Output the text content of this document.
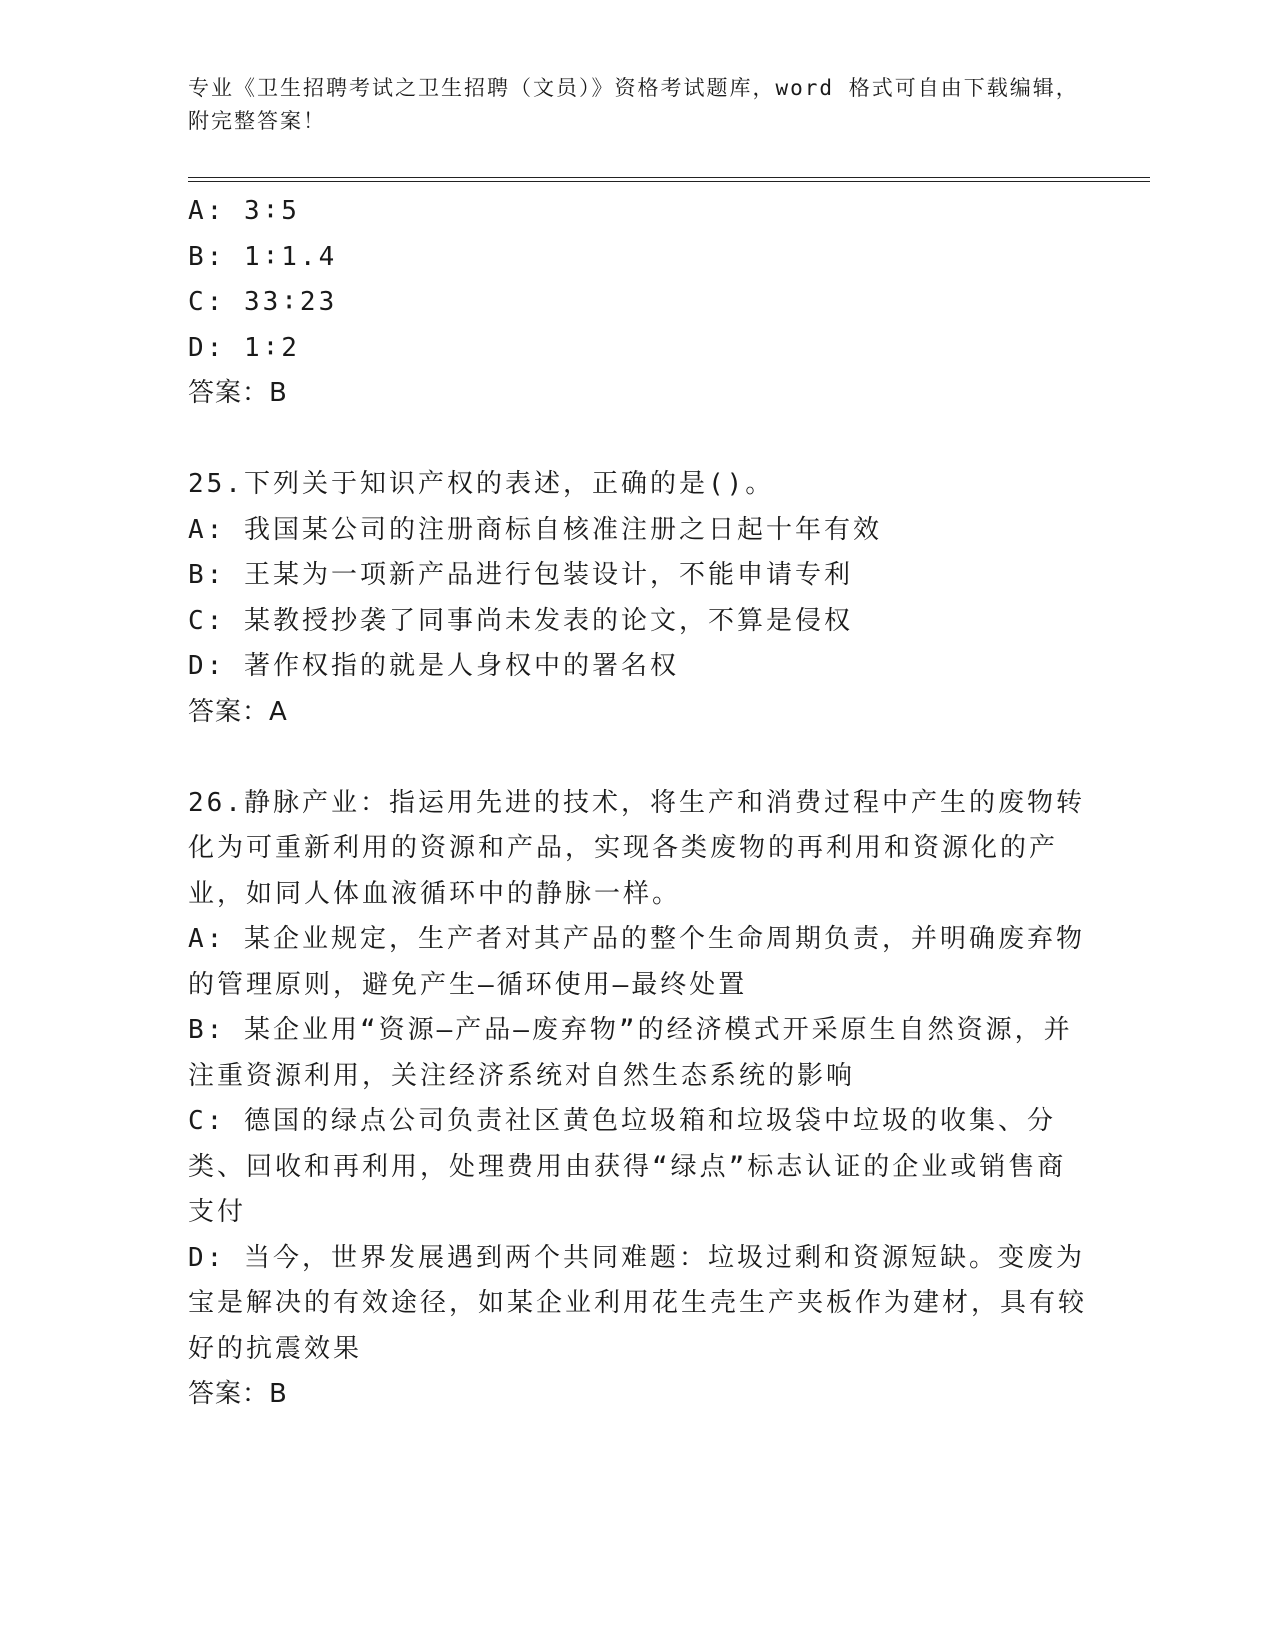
专业《卫生招聘考试之卫生招聘（文员）》资格考试题库，word 格式可自由下载编辑，附完整答案！
A: 3∶5
B: 1∶1.4
C: 33∶23
D: 1∶2
答案：B
25.下列关于知识产权的表述，正确的是()。
A: 我国某公司的注册商标自核准注册之日起十年有效
B: 王某为一项新产品进行包装设计，不能申请专利
C: 某教授抄袭了同事尚未发表的论文，不算是侵权
D: 著作权指的就是人身权中的署名权
答案：A
26.静脉产业：指运用先进的技术，将生产和消费过程中产生的废物转化为可重新利用的资源和产品，实现各类废物的再利用和资源化的产业，如同人体血液循环中的静脉一样。
A: 某企业规定，生产者对其产品的整个生命周期负责，并明确废弃物的管理原则，避免产生—循环使用—最终处置
B: 某企业用“资源—产品—废弃物”的经济模式开采原生自然资源，并注重资源利用，关注经济系统对自然生态系统的影响
C: 德国的绿点公司负责社区黄色垃圾箱和垃圾袋中垃圾的收集、分类、回收和再利用，处理费用由获得“绿点”标志认证的企业或销售商支付
D: 当今，世界发展遇到两个共同难题：垃圾过剩和资源短缺。变废为宝是解决的有效途径，如某企业利用花生壳生产夹板作为建材，具有较好的抗震效果
答案：B
